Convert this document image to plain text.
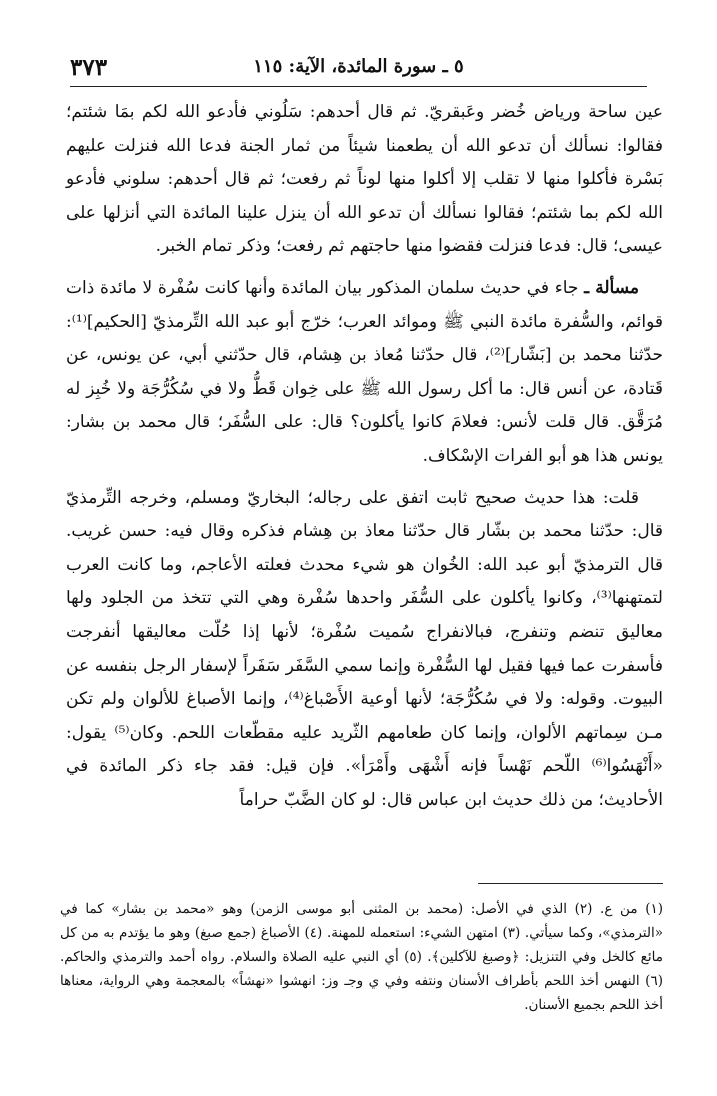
٥ ـ سورة المائدة، الآية: ١١٥
٣٧٣

عين ساحة ورياض خُضر وعَبقريّ. ثم قال أحدهم: سَلُوني فأدعو الله لكم بمَا شئتم؛ فقالوا: نسألك أن تدعو الله أن يطعمنا شيئاً من ثمار الجنة فدعا الله فنزلت عليهم بَسْرة فأكلوا منها لا تقلب إلا أكلوا منها لوناً ثم رفعت؛ ثم قال أحدهم: سلوني فأدعو الله لكم بما شئتم؛ فقالوا نسألك أن تدعو الله أن ينزل علينا المائدة التي أنزلها على عيسى؛ قال: فدعا فنزلت فقضوا منها حاجتهم ثم رفعت؛ وذكر تمام الخبر.

مسألة ـ جاء في حديث سلمان المذكور بيان المائدة وأنها كانت سُفْرة لا مائدة ذات قوائم، والسُّفرة مائدة النبي ﷺ وموائد العرب؛ خرّج أبو عبد الله التِّرمذيّ [الحكيم]⁽¹⁾: حدّثنا محمد بن [بَشّار]⁽²⁾، قال حدّثنا مُعاذ بن هِشام، قال حدّثني أبي، عن يونس، عن قَتادة، عن أنس قال: ما أكل رسول الله ﷺ على خِوان قَطُّ ولا في سُكُرُّجَة ولا خُبِز له مُرَقَّق. قال قلت لأنس: فعلامَ كانوا يأكلون؟ قال: على السُّفَر؛ قال محمد بن بشار: يونس هذا هو أبو الفرات الإسْكاف.

قلت: هذا حديث صحيح ثابت اتفق على رجاله؛ البخاريّ ومسلم، وخرجه التِّرمذيّ قال: حدّثنا محمد بن بشّار قال حدّثنا معاذ بن هِشام فذكره وقال فيه: حسن غريب. قال الترمذيّ أبو عبد الله: الخُوان هو شيء محدث فعلته الأعاجم، وما كانت العرب لتمتهنها⁽³⁾، وكانوا يأكلون على السُّفَر واحدها سُفْرة وهي التي تتخذ من الجلود ولها معاليق تنضم وتنفرج، فبالانفراج سُميت سُفْرة؛ لأنها إذا حُلّت معاليقها أنفرجت فأسفرت عما فيها فقيل لها السُّفْرة وإنما سمي السَّفَر سَفَراً لإسفار الرجل بنفسه عن البيوت. وقوله: ولا في سُكُرُّجَة؛ لأنها أوعية الأَصْباغ⁽⁴⁾، وإنما الأصباغ للألوان ولم تكن مـن سِماتهم الألوان، وإنما كان طعامهم الثّريد عليه مقطّعات اللحم. وكان⁽⁵⁾ يقول: «أَنْهَسُوا⁽⁶⁾ اللّحم نَهْساً فإنه أَشْهَى وأَمْرَأ». فإن قيل: فقد جاء ذكر المائدة في الأحاديث؛ من ذلك حديث ابن عباس قال: لو كان الضَّبّ حراماً

(١) من ع. (٢) الذي في الأصل: (محمد بن المثنى أبو موسى الزمن) وهو «محمد بن بشار» كما في «الترمذي»، وكما سيأتي. (٣) امتهن الشيء: استعمله للمهنة. (٤) الأصباغ (جمع صبغ) وهو ما يؤتدم به من كل مائع كالخل وفي التنزيل: ﴿وصبغ للآكلين﴾. (٥) أي النبي عليه الصلاة والسلام. رواه أحمد والترمذي والحاكم. (٦) النهس أخذ اللحم بأطراف الأسنان ونتفه وفي ي وجـ وز: انهشوا «نهشاً» بالمعجمة وهي الرواية، معناها أخذ اللحم بجميع الأسنان.
